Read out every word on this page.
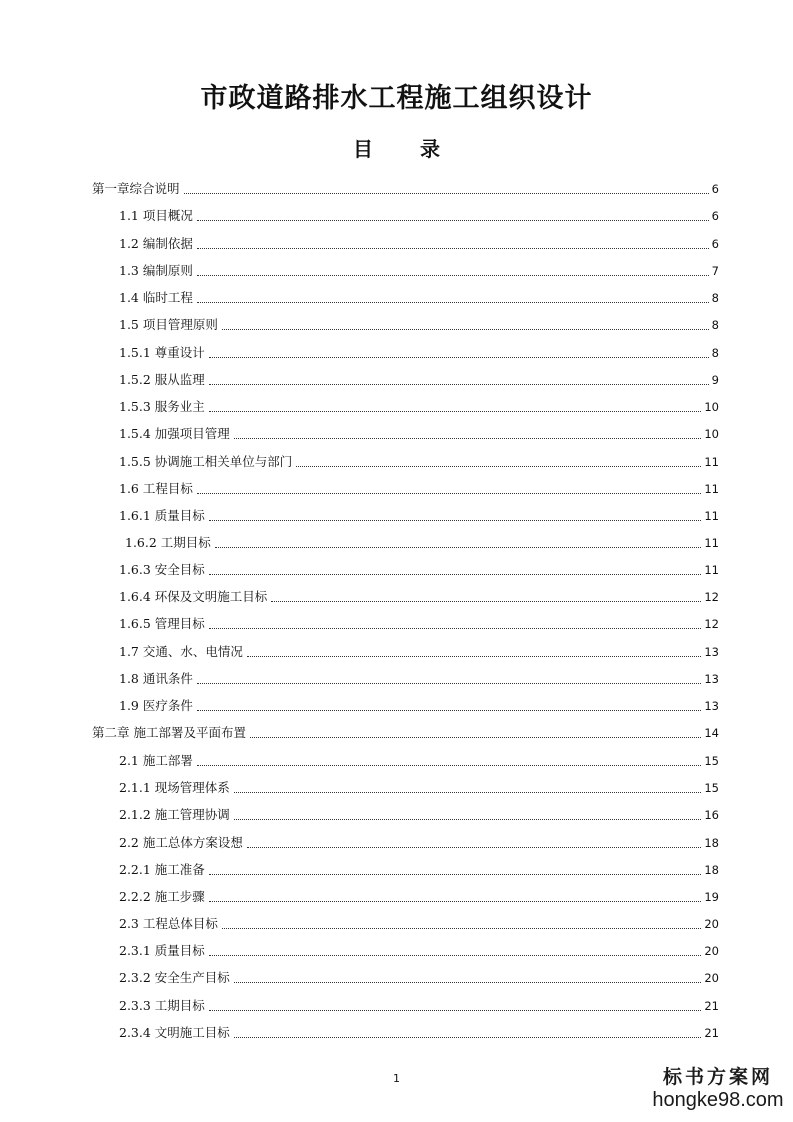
市政道路排水工程施工组织设计
目 录
第一章综合说明	6
1.1 项目概况	6
1.2 编制依据	6
1.3 编制原则	7
1.4 临时工程	8
1.5 项目管理原则	8
1.5.1 尊重设计	8
1.5.2 服从监理	9
1.5.3 服务业主	10
1.5.4 加强项目管理	10
1.5.5 协调施工相关单位与部门	11
1.6 工程目标	11
1.6.1 质量目标	11
1.6.2 工期目标	11
1.6.3 安全目标	11
1.6.4 环保及文明施工目标	12
1.6.5 管理目标	12
1.7 交通、水、电情况	13
1.8 通讯条件	13
1.9 医疗条件	13
第二章 施工部署及平面布置	14
2.1 施工部署	15
2.1.1 现场管理体系	15
2.1.2 施工管理协调	16
2.2 施工总体方案设想	18
2.2.1 施工准备	18
2.2.2 施工步骤	19
2.3 工程总体目标	20
2.3.1 质量目标	20
2.3.2 安全生产目标	20
2.3.3 工期目标	21
2.3.4 文明施工目标	21
1	标书方案网
hongke98.com
